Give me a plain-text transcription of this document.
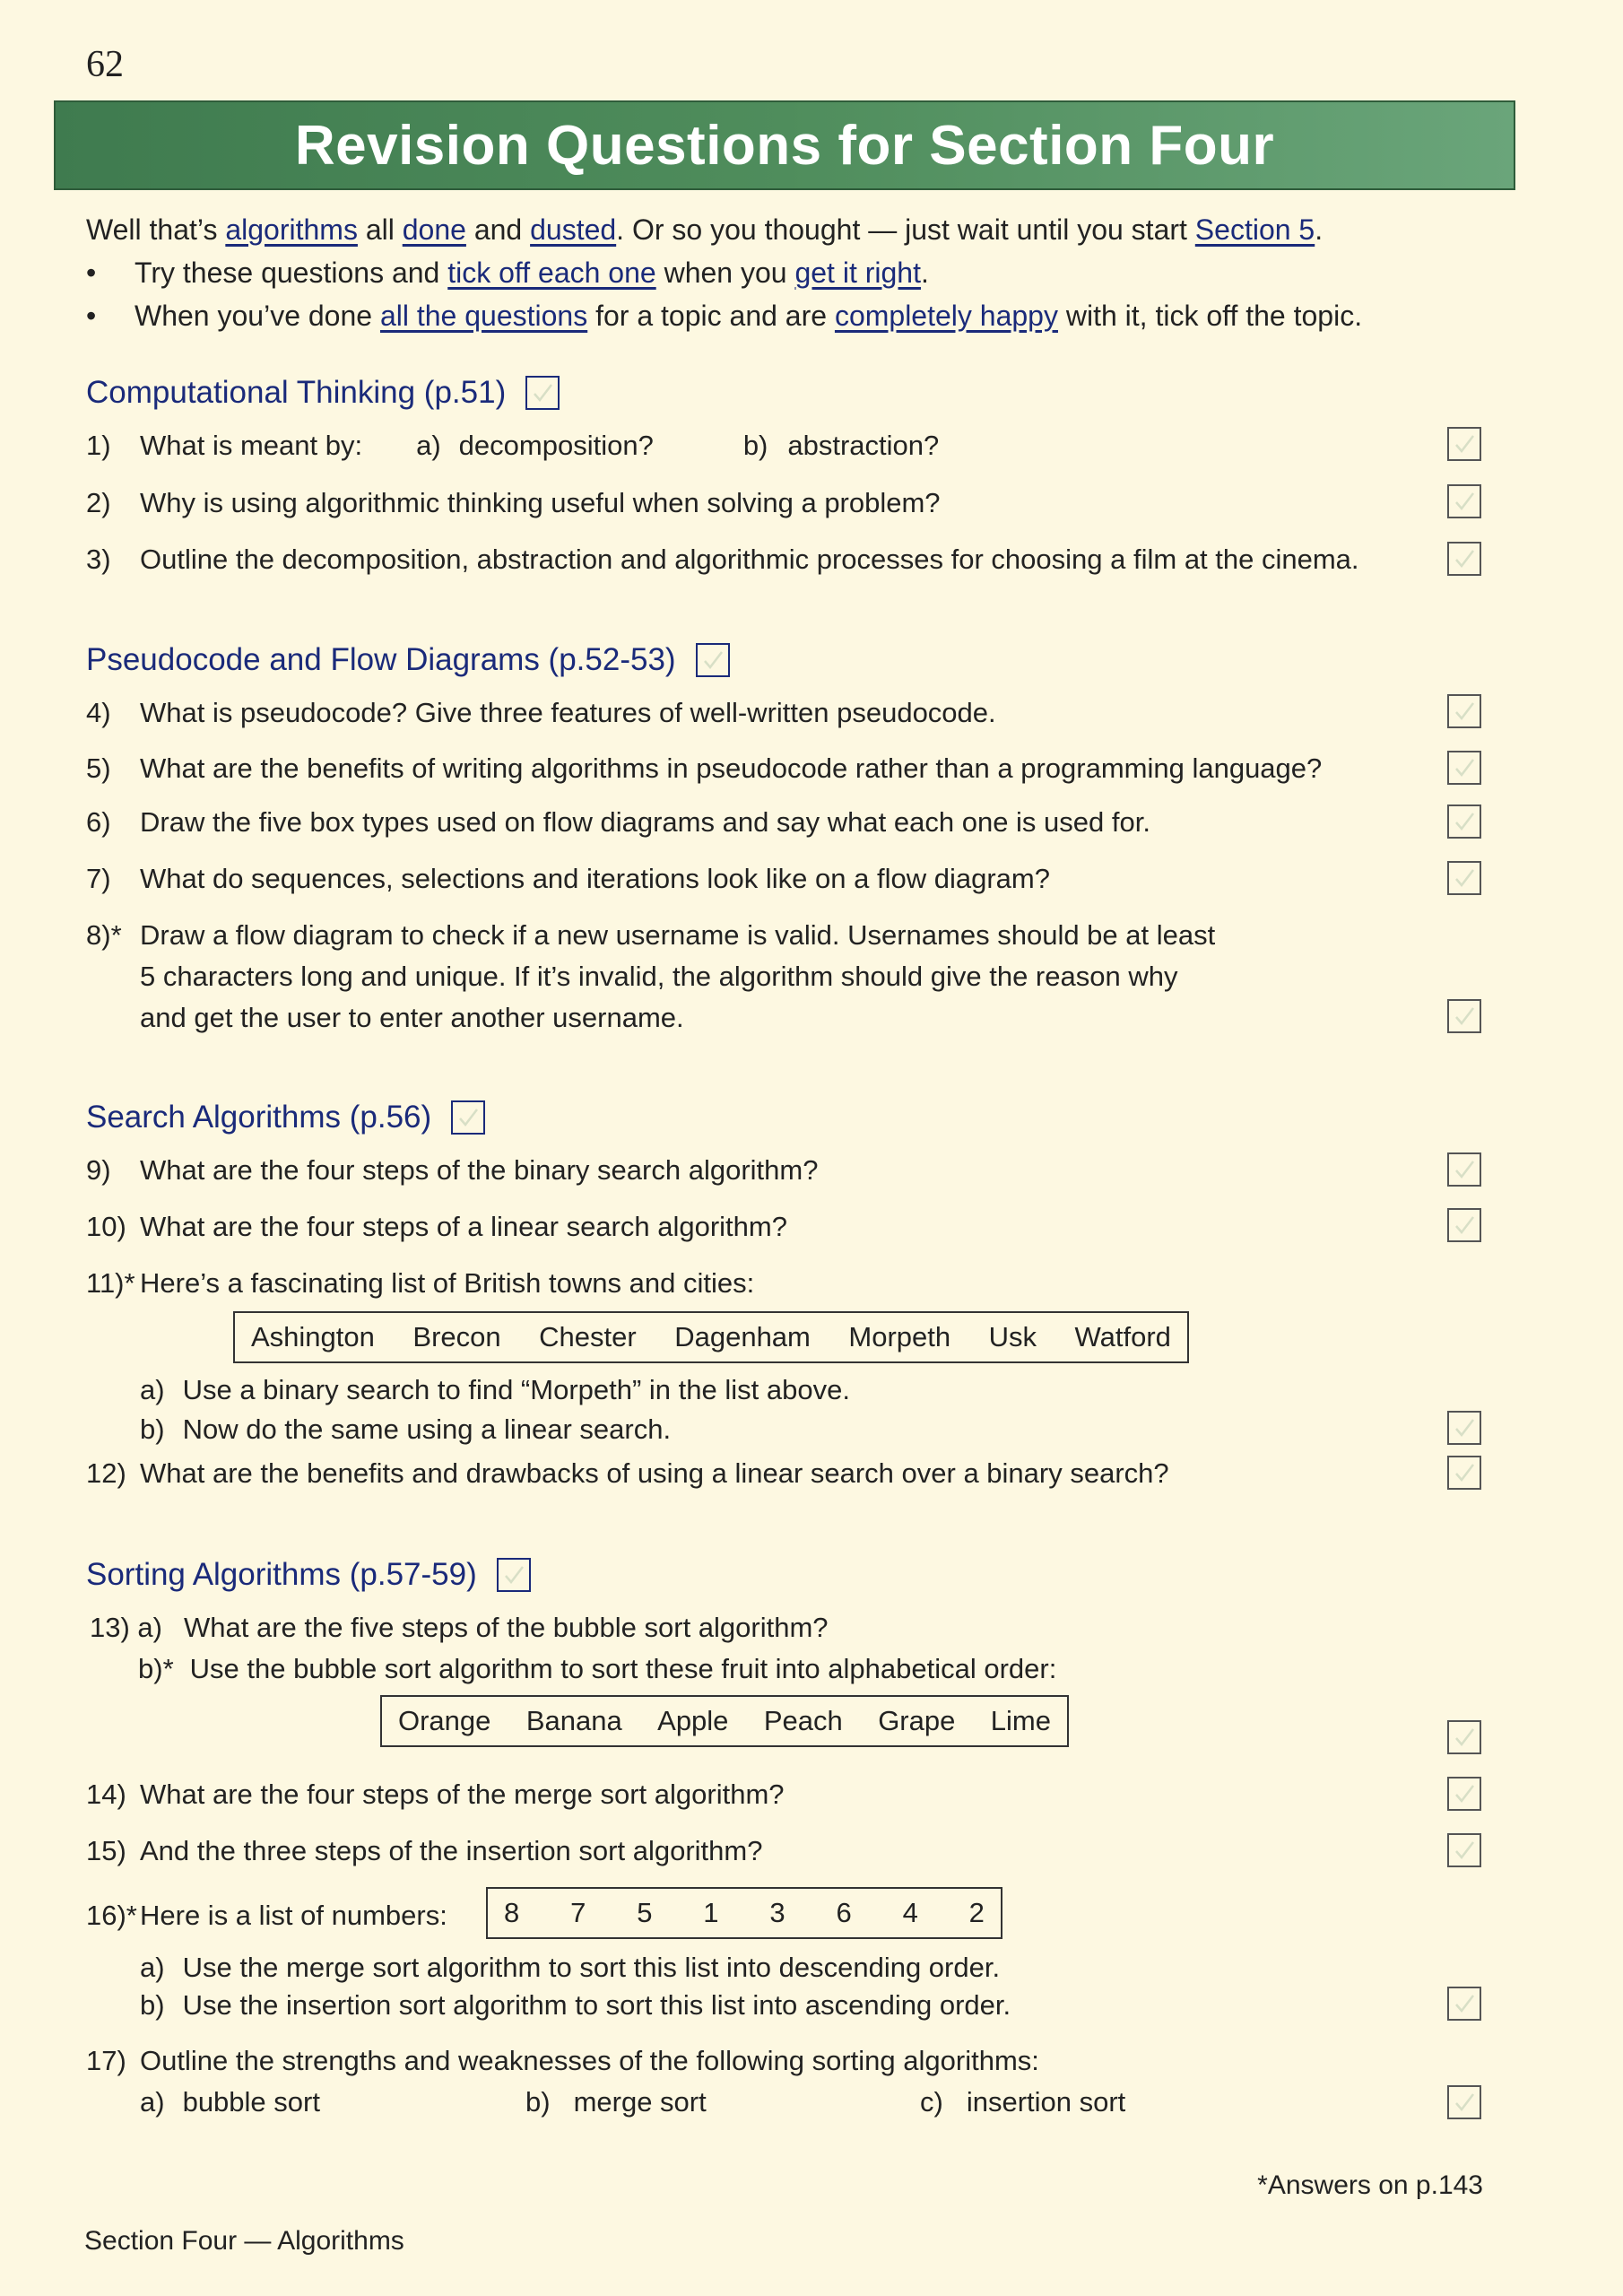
62
Revision Questions for Section Four

Well that’s algorithms all done and dusted. Or so you thought — just wait until you start Section 5.

• Try these questions and tick off each one when you get it right.

• When you’ve done all the questions for a topic and are completely happy with it, tick off the topic.

Computational Thinking (p.51)
1) What is meant by: a) decomposition?	b) abstraction?
2) Why is using algorithmic thinking useful when solving a problem?
3) Outline the decomposition, abstraction and algorithmic processes for choosing a film at the cinema.
Pseudocode and Flow Diagrams (p.52-53)
4) What is pseudocode? Give three features of well-written pseudocode.
5) What are the benefits of writing algorithms in pseudocode rather than a programming language?
6) Draw the five box types used on flow diagrams and say what each one is used for.
7) What do sequences, selections and iterations look like on a flow diagram?
8)* Draw a flow diagram to check if a new username is valid. Usernames should be at least
5 characters long and unique. If it’s invalid, the algorithm should give the reason why
and get the user to enter another username.
Search Algorithms (p.56)
9) What are the four steps of the binary search algorithm?
10) What are the four steps of a linear search algorithm?
11)* Here’s a fascinating list of British towns and cities:
Ashington Brecon Chester Dagenham Morpeth Usk Watford
a) Use a binary search to find “Morpeth” in the list above.
b) Now do the same using a linear search.
12) What are the benefits and drawbacks of using a linear search over a binary search?
Sorting Algorithms (p.57-59)
13) a) What are the five steps of the bubble sort algorithm?
b)* Use the bubble sort algorithm to sort these fruit into alphabetical order:
Orange Banana Apple Peach Grape Lime
14) What are the four steps of the merge sort algorithm?
15) And the three steps of the insertion sort algorithm?
16)* Here is a list of numbers: 8 7 5 1 3 6 4 2
a) Use the merge sort algorithm to sort this list into descending order.
b) Use the insertion sort algorithm to sort this list into ascending order.
17) Outline the strengths and weaknesses of the following sorting algorithms:
a) bubble sort	b) merge sort	c) insertion sort
*Answers on p.143
Section Four — Algorithms
